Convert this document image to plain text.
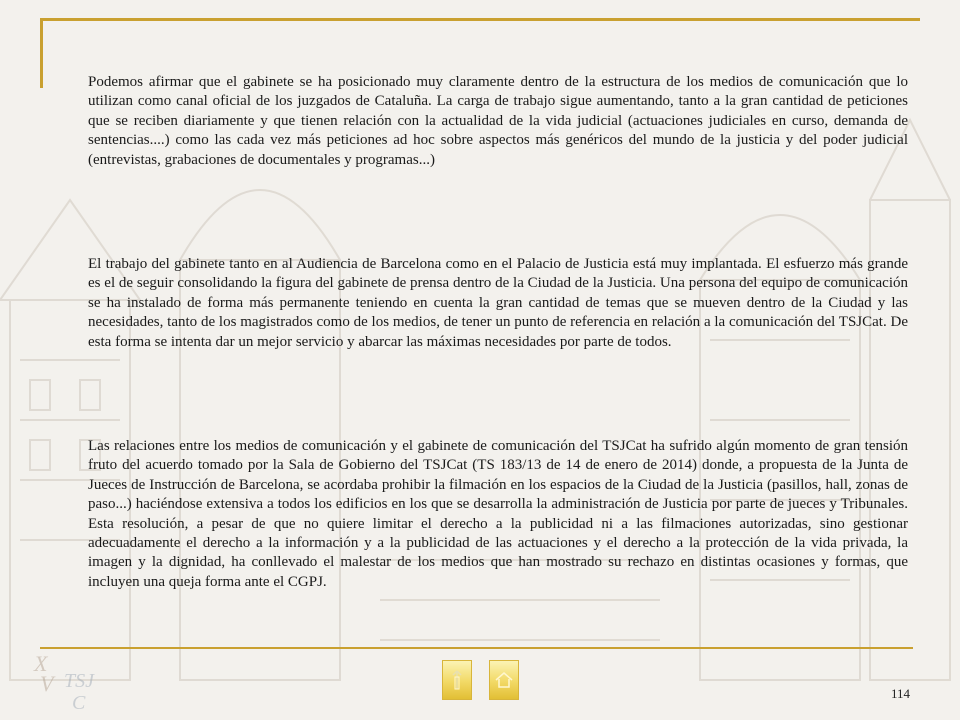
Podemos afirmar que el gabinete se ha posicionado muy claramente dentro de la estructura de los medios de comunicación que lo utilizan como canal oficial de los juzgados de Cataluña. La carga de trabajo sigue aumentando, tanto a la gran cantidad de peticiones que se reciben diariamente y que tienen relación con la actualidad de la vida judicial (actuaciones judiciales en curso, demanda de sentencias....) como las cada vez más peticiones ad hoc sobre aspectos más genéricos del mundo de la justicia y del poder judicial (entrevistas, grabaciones de documentales y programas...)

El trabajo del gabinete tanto en al Audiencia de Barcelona como en el Palacio de Justicia está muy implantada. El esfuerzo más grande es el de seguir consolidando la figura del gabinete de prensa dentro de la Ciudad de la Justicia. Una persona del equipo de comunicación se ha instalado de forma más permanente teniendo en cuenta la gran cantidad de temas que se mueven dentro de la Ciudad y las necesidades, tanto de los magistrados como de los medios, de tener un punto de referencia en relación a la comunicación del TSJCat. De esta forma se intenta dar un mejor servicio y abarcar las máximas necesidades por parte de todos.

Las relaciones entre los medios de comunicación y el gabinete de comunicación del TSJCat ha sufrido algún momento de gran tensión fruto del acuerdo tomado por la Sala de Gobierno del TSJCat (TS 183/13 de 14 de enero de 2014) donde, a propuesta de la Junta de Jueces de Instrucción de Barcelona, se acordaba prohibir la filmación en los espacios de la Ciudad de la Justicia (pasillos, hall, zonas de paso...) haciéndose extensiva a todos los edificios en los que se desarrolla la administración de Justicia por parte de jueces y Tribunales. Esta resolución, a pesar de que no quiere limitar el derecho a la publicidad ni a las filmaciones autorizadas, sino gestionar adecuadamente el derecho a la información y a la publicidad de las actuaciones y el derecho a la protección de la vida privada, la imagen y la dignidad, ha conllevado el malestar de los medios que han mostrado su rechazo en distintas ocasiones y formas, que incluyen una queja forma ante el CGPJ.

X
V TSJ
C	114
